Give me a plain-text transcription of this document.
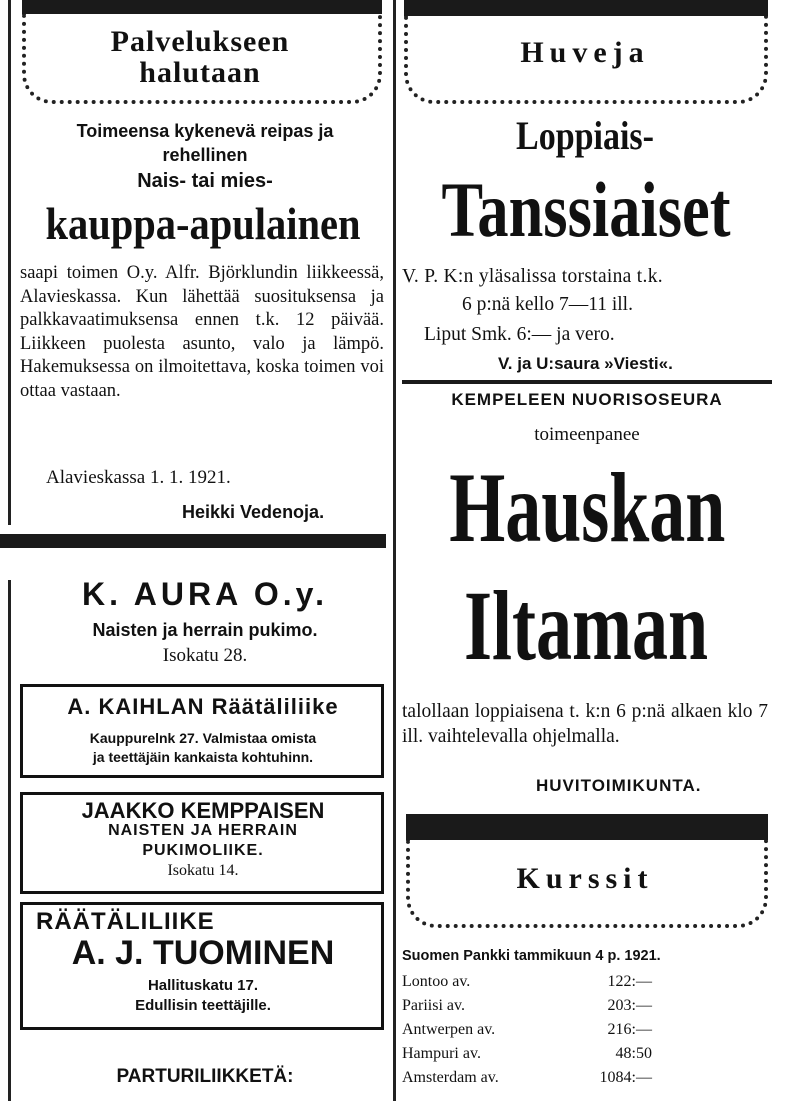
Palvelukseen
halutaan
Toimeensa kykenevä reipas ja
rehellinen
Nais- tai mies-
kauppa-apulainen
saapi toimen O.y. Alfr. Björklundin liikkeessä, Alavieskassa. Kun lähettää suosituksensa ja palkkavaatimuksensa ennen t.k. 12 päivää. Liikkeen puolesta asunto, valo ja lämpö. Hakemuksessa on ilmoitettava, koska toimen voi ottaa vastaan.
Alavieskassa 1. 1. 1921.
Heikki Vedenoja.
K. AURA O.y.
Naisten ja herrain pukimo.
Isokatu 28.
A. KAIHLAN Räätäliliike
Kauppurelnk 27. Valmistaa omista
ja teettäjäin kankaista kohtuhinn.
JAAKKO KEMPPAISEN
NAISTEN JA HERRAIN
PUKIMOLIIKE.
Isokatu 14.
RÄÄTÄLILIIKE
A. J. TUOMINEN
Hallituskatu 17.
Edullisin teettäjille.
PARTURILIIKKETÄ:
Huveja
Loppiais-
Tanssiaiset
V. P. K:n yläsalissa torstaina t.k.
6 p:nä kello 7—11 ill.
Liput Smk. 6:— ja vero.
V. ja U:saura »Viesti«.
KEMPELEEN NUORISOSEURA
toimeenpanee
Hauskan
Iltaman
talollaan loppiaisena t. k:n 6 p:nä alkaen klo 7 ill. vaihtelevalla ohjelmalla.
HUVITOIMIKUNTA.
Kurssit
Suomen Pankki tammikuun 4 p. 1921.
Lontoo av.	122:—
Pariisi av.	203:—
Antwerpen av.	216:—
Hampuri av.	48:50
Amsterdam av.	1084:—
